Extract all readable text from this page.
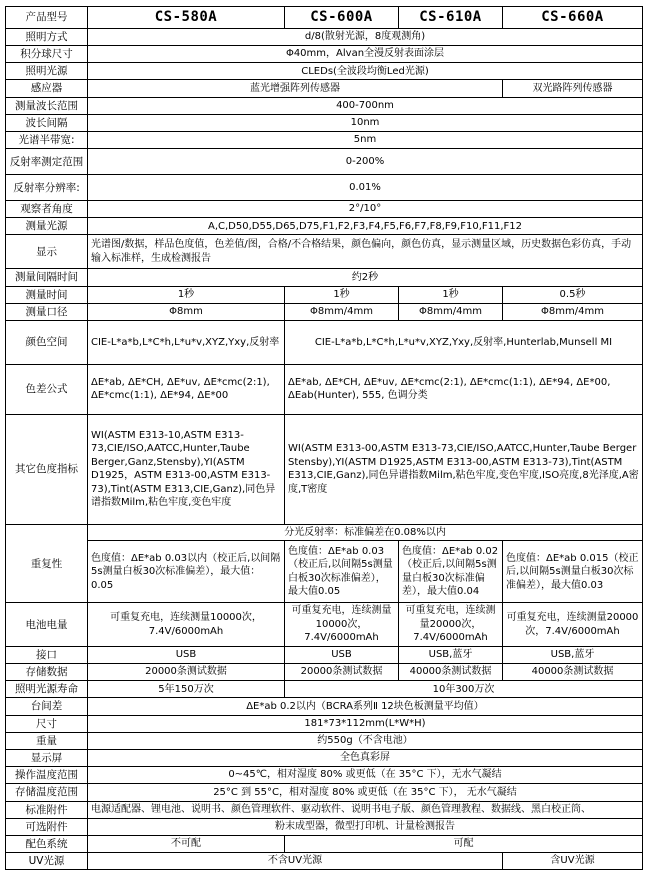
产品型号	CS-580A	CS-600A	CS-610A	CS-660A
照明方式	d/8(散射光源，8度观测角)			
积分球尺寸	Φ40mm，Alvan全漫反射表面涂层			
照明光源	CLEDs(全波段均衡Led光源)			
感应器	蓝光增强阵列传感器			双光路阵列传感器
测量波长范围	400-700nm			
波长间隔	10nm			
光谱半带宽:	5nm			
反射率测定范围	0-200%			
反射率分辨率:	0.01%			
观察者角度	2°/10°			
测量光源	A,C,D50,D55,D65,D75,F1,F2,F3,F4,F5,F6,F7,F8,F9,F10,F11,F12			
显示	光谱图/数据，样品色度值，色差值/图，合格/不合格结果，颜色偏向，颜色仿真，显示测量区域，历史数据色彩仿真，手动输入标准样，生成检测报告			
测量间隔时间	约2秒			
测量时间	1秒	1秒	1秒	0.5秒
测量口径	Φ8mm	Φ8mm/4mm	Φ8mm/4mm	Φ8mm/4mm
颜色空间	CIE-L*a*b,L*C*h,L*u*v,XYZ,Yxy,反射率	CIE-L*a*b,L*C*h,L*u*v,XYZ,Yxy,反射率,Hunterlab,Munsell MI		
色差公式	ΔE*ab, ΔE*CH, ΔE*uv, ΔE*cmc(2:1), ΔE*cmc(1:1), ΔE*94, ΔE*00	ΔE*ab, ΔE*CH, ΔE*uv, ΔE*cmc(2:1), ΔE*cmc(1:1), ΔE*94, ΔE*00, ΔEab(Hunter), 555, 色调分类		
其它色度指标	WI(ASTM E313-10,ASTM E313-73,CIE/ISO,AATCC,Hunter,Taube Berger,Ganz,Stensby),YI(ASTM D1925，ASTM E313-00,ASTM E313-73),Tint(ASTM E313,CIE,Ganz),同色异谱指数Milm,粘色牢度,变色牢度	WI(ASTM E313-00,ASTM E313-73,CIE/ISO,AATCC,Hunter,Taube Berger Stensby),YI(ASTM D1925,ASTM E313-00,ASTM E313-73),Tint(ASTM E313,CIE,Ganz),同色异谱指数Milm,粘色牢度,变色牢度,ISO亮度,8光泽度,A密度,T密度		
重复性	分光反射率：标准偏差在0.08%以内			
	色度值：ΔE*ab 0.03以内（校正后,以间隔5s测量白板30次标准偏差），最大值：0.05	色度值：ΔE*ab 0.03（校正后,以间隔5s测量白板30次标准偏差），最大值0.05	色度值：ΔE*ab 0.02（校正后,以间隔5s测量白板30次标准偏差），最大值0.04	色度值：ΔE*ab 0.015（校正后,以间隔5s测量白板30次标准偏差），最大值0.03
电池电量	可重复充电，连续测量10000次，7.4V/6000mAh	可重复充电，连续测量10000次，7.4V/6000mAh	可重复充电，连续测量20000次，7.4V/6000mAh	可重复充电，连续测量20000次，7.4V/6000mAh
接口	USB	USB	USB,蓝牙	USB,蓝牙
存储数据	20000条测试数据	20000条测试数据	40000条测试数据	40000条测试数据
照明光源寿命	5年150万次	10年300万次		
台间差	ΔE*ab 0.2以内（BCRA系列Ⅱ 12块色板测量平均值）			
尺寸	181*73*112mm(L*W*H)			
重量	约550g（不含电池）			
显示屏	全色真彩屏			
操作温度范围	0~45℃，相对湿度 80% 或更低（在 35°C 下），无水气凝结			
存储温度范围	25°C 到 55°C，相对湿度 80% 或更低（在 35°C 下）， 无水气凝结			
标准附件	电源适配器、锂电池、说明书、颜色管理软件、驱动软件、说明书电子版、颜色管理教程、数据线、黑白校正筒、			
可选附件	粉末成型器，微型打印机、计量检测报告			
配色系统	不可配	可配		
UV光源	不含UV光源			含UV光源
